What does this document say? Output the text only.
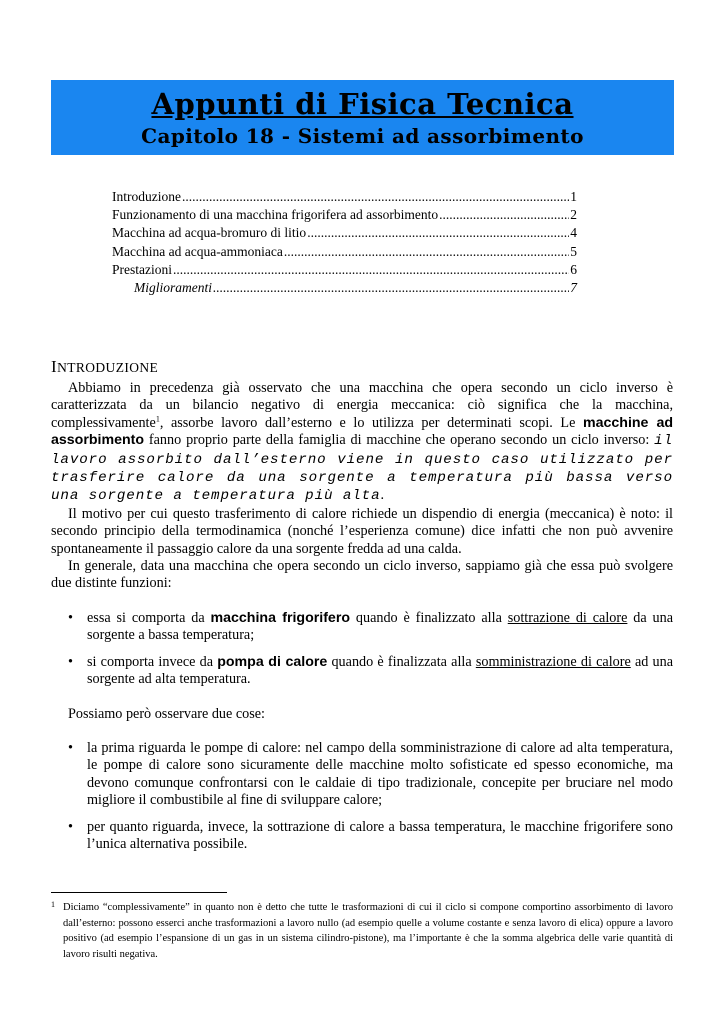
Appunti di Fisica Tecnica
Capitolo 18 - Sistemi ad assorbimento
Introduzione .....	1
Funzionamento di una macchina frigorifera ad assorbimento .....	2
Macchina ad acqua-bromuro di litio .....	4
Macchina ad acqua-ammoniaca .....	5
Prestazioni .....	6
Miglioramenti .....	7
INTRODUZIONE

Abbiamo in precedenza già osservato che una macchina che opera secondo un ciclo inverso è caratterizzata da un bilancio negativo di energia meccanica: ciò significa che la macchina, complessivamente$^1$, assorbe lavoro dall’esterno e lo utilizza per determinati scopi. Le macchine ad assorbimento fanno proprio parte della famiglia di macchine che operano secondo un ciclo inverso: il lavoro assorbito dall’esterno viene in questo caso utilizzato per trasferire calore da una sorgente a temperatura più bassa verso una sorgente a temperatura più alta.

Il motivo per cui questo trasferimento di calore richiede un dispendio di energia (meccanica) è noto: il secondo principio della termodinamica (nonché l’esperienza comune) dice infatti che non può avvenire spontaneamente il passaggio calore da una sorgente fredda ad una calda.

In generale, data una macchina che opera secondo un ciclo inverso, sappiamo già che essa può svolgere due distinte funzioni:

• essa si comporta da macchina frigorifero quando è finalizzato alla sottrazione di calore da una sorgente a bassa temperatura;
• si comporta invece da pompa di calore quando è finalizzata alla somministrazione di calore ad una sorgente ad alta temperatura.

Possiamo però osservare due cose:

• la prima riguarda le pompe di calore: nel campo della somministrazione di calore ad alta temperatura, le pompe di calore sono sicuramente delle macchine molto sofisticate ed spesso economiche, ma devono comunque confrontarsi con le caldaie di tipo tradizionale, concepite per bruciare nel modo migliore il combustibile al fine di sviluppare calore;
• per quanto riguarda, invece, la sottrazione di calore a bassa temperatura, le macchine frigorifere sono l’unica alternativa possibile.
1 Diciamo “complessivamente” in quanto non è detto che tutte le trasformazioni di cui il ciclo si compone comportino assorbimento di lavoro dall’esterno: possono esserci anche trasformazioni a lavoro nullo (ad esempio quelle a volume costante e senza lavoro di elica) oppure a lavoro positivo (ad esempio l’espansione di un gas in un sistema cilindro-pistone), ma l’importante è che la somma algebrica delle varie quantità di lavoro risulti negativa.
